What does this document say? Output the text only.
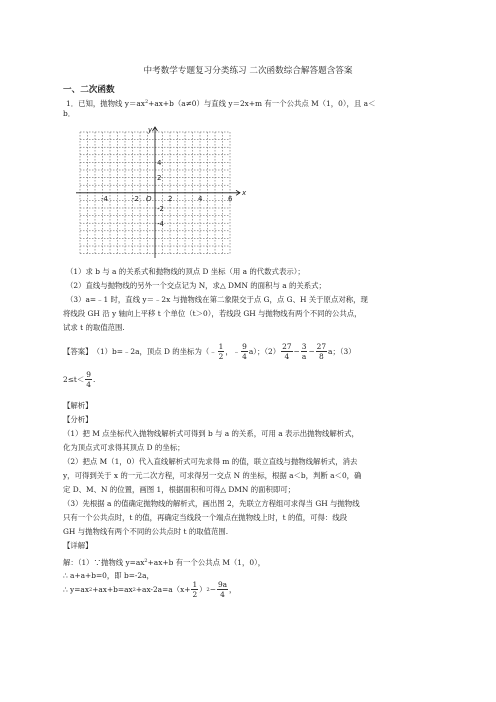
中考数学专题复习分类练习 二次函数综合解答题含答案
一、二次函数
1．已知，抛物线 $y=ax^2+ax+b(a\ne 0)$与直线 y＝2x+m 有一个公共点 M（1，0），且 a＜
b．
x
y
O
-4	-2	2	4	6
4
2
-2
-4
（1）求 b 与 a 的关系式和抛物线的顶点 D 坐标（用 a 的代数式表示）；
（2）直线与抛物线的另外一个交点记为 N，求△ DMN 的面积与 a 的关系式；
（3）a=﹣1 时，直线 y＝﹣2x 与抛物线在第二象限交于点 G，点 G、H 关于原点对称，现
将线段 GH 沿 y 轴向上平移 t 个单位（t＞0），若线段 GH 与抛物线有两个不同的公共点，
试求 t 的取值范围.
【答案】 （1）b=﹣2a，顶点 D 的坐标为（﹣ $\frac{1}{2}$ ，﹣ $\frac{9}{4} a$）；$(2) \frac{27}{4} - \frac{3}{a} - \frac{27}{8}$ a；（3）
$2\le t< \frac{9}{4}$ .
【解析】
【分析】
（1）把 M 点坐标代入抛物线解析式可得到 b 与 a 的关系，可用 a 表示出抛物线解析式，
化为顶点式可求得其顶点 D 的坐标；
（2）把点 M（1，0）代入直线解析式可先求得 m 的值，联立直线与抛物线解析式，消去
y，可得到关于 x 的一元二次方程，可求得另一交点 N 的坐标，根据 a＜b，判断 a＜0，确
定 D、M、N 的位置，画图 1，根据面积和可得△ DMN 的面积即可；
（3）先根据 a 的值确定抛物线的解析式，画出图 2，先联立方程组可求得当 GH 与抛物线
只有一个公共点时，t 的值，再确定当线段一个端点在抛物线上时，t 的值，可得：线段
GH 与抛物线有两个不同的公共点时 t 的取值范围.
【详解】
解：（1）∵抛物线 $y=ax^2+ax+b$ 有一个公共点 M（1，0），
∴ a+a+b=0，即 b=-2a，
∴ y=ax 2 +ax+b=ax $2 +ax-2a=a(x+ \frac{1}{2}$ ） $2 - \frac{9a}{4}$ ，
